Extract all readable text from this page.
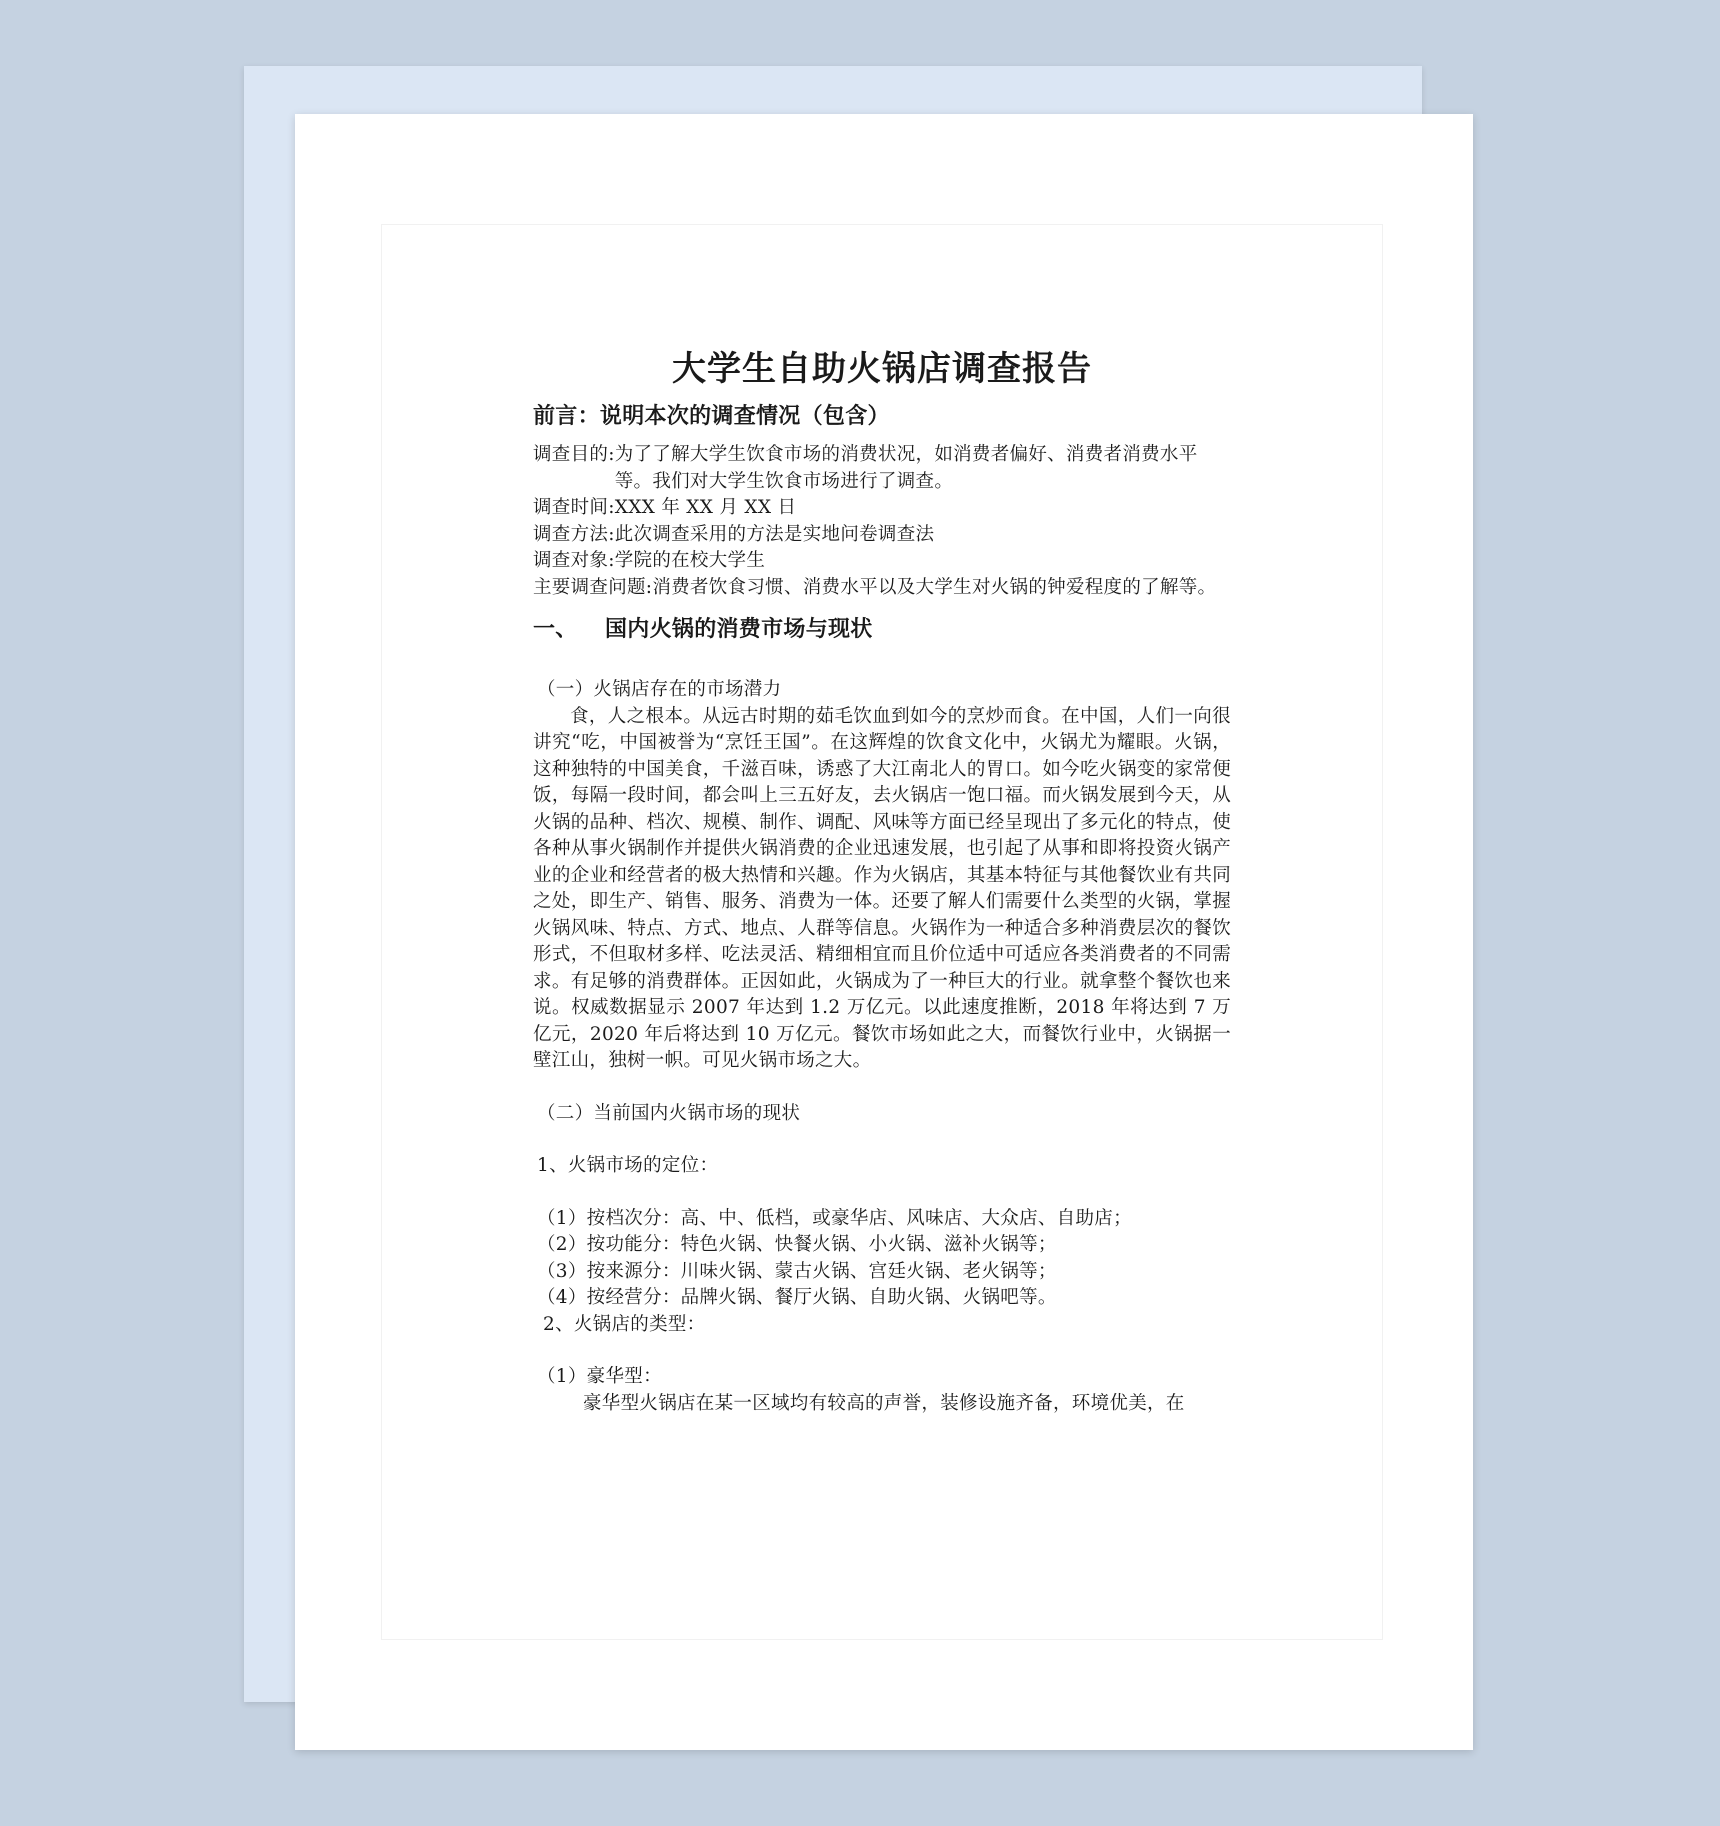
大学生自助火锅店调查报告
前言：说明本次的调查情况（包含）
调查目的: 为了了解大学生饮食市场的消费状况，如消费者偏好、消费者消费水平等。我们对大学生饮食市场进行了调查。
调查时间: XXX 年 XX 月 XX 日
调查方法: 此次调查采用的方法是实地问卷调查法
调查对象: 学院的在校大学生
主要调查问题: 消费者饮食习惯、消费水平以及大学生对火锅的钟爱程度的了解等。
一、	国内火锅的消费市场与现状

（一）火锅店存在的市场潜力

食，人之根本。从远古时期的茹毛饮血到如今的烹炒而食。在中国，人们一向很讲究“吃，中国被誉为“烹饪王国”。在这辉煌的饮食文化中，火锅尤为耀眼。火锅，这种独特的中国美食，千滋百味，诱惑了大江南北人的胃口。如今吃火锅变的家常便饭，每隔一段时间，都会叫上三五好友，去火锅店一饱口福。而火锅发展到今天，从火锅的品种、档次、规模、制作、调配、风味等方面已经呈现出了多元化的特点，使各种从事火锅制作并提供火锅消费的企业迅速发展，也引起了从事和即将投资火锅产业的企业和经营者的极大热情和兴趣。作为火锅店，其基本特征与其他餐饮业有共同之处，即生产、销售、服务、消费为一体。还要了解人们需要什么类型的火锅，掌握火锅风味、特点、方式、地点、人群等信息。火锅作为一种适合多种消费层次的餐饮形式，不但取材多样、吃法灵活、精细相宜而且价位适中可适应各类消费者的不同需求。有足够的消费群体。正因如此，火锅成为了一种巨大的行业。就拿整个餐饮也来说。权威数据显示 2007 年达到 1.2 万亿元。以此速度推断，2018 年将达到 7 万亿元，2020 年后将达到 10 万亿元。餐饮市场如此之大，而餐饮行业中，火锅据一壁江山，独树一帜。可见火锅市场之大。

（二）当前国内火锅市场的现状

1、火锅市场的定位：

（1）按档次分：高、中、低档，或豪华店、风味店、大众店、自助店；

（2）按功能分：特色火锅、快餐火锅、小火锅、滋补火锅等；

（3）按来源分：川味火锅、蒙古火锅、宫廷火锅、老火锅等；

（4）按经营分：品牌火锅、餐厅火锅、自助火锅、火锅吧等。

2、火锅店的类型：

（1）豪华型：

豪华型火锅店在某一区域均有较高的声誉，装修设施齐备，环境优美，在
